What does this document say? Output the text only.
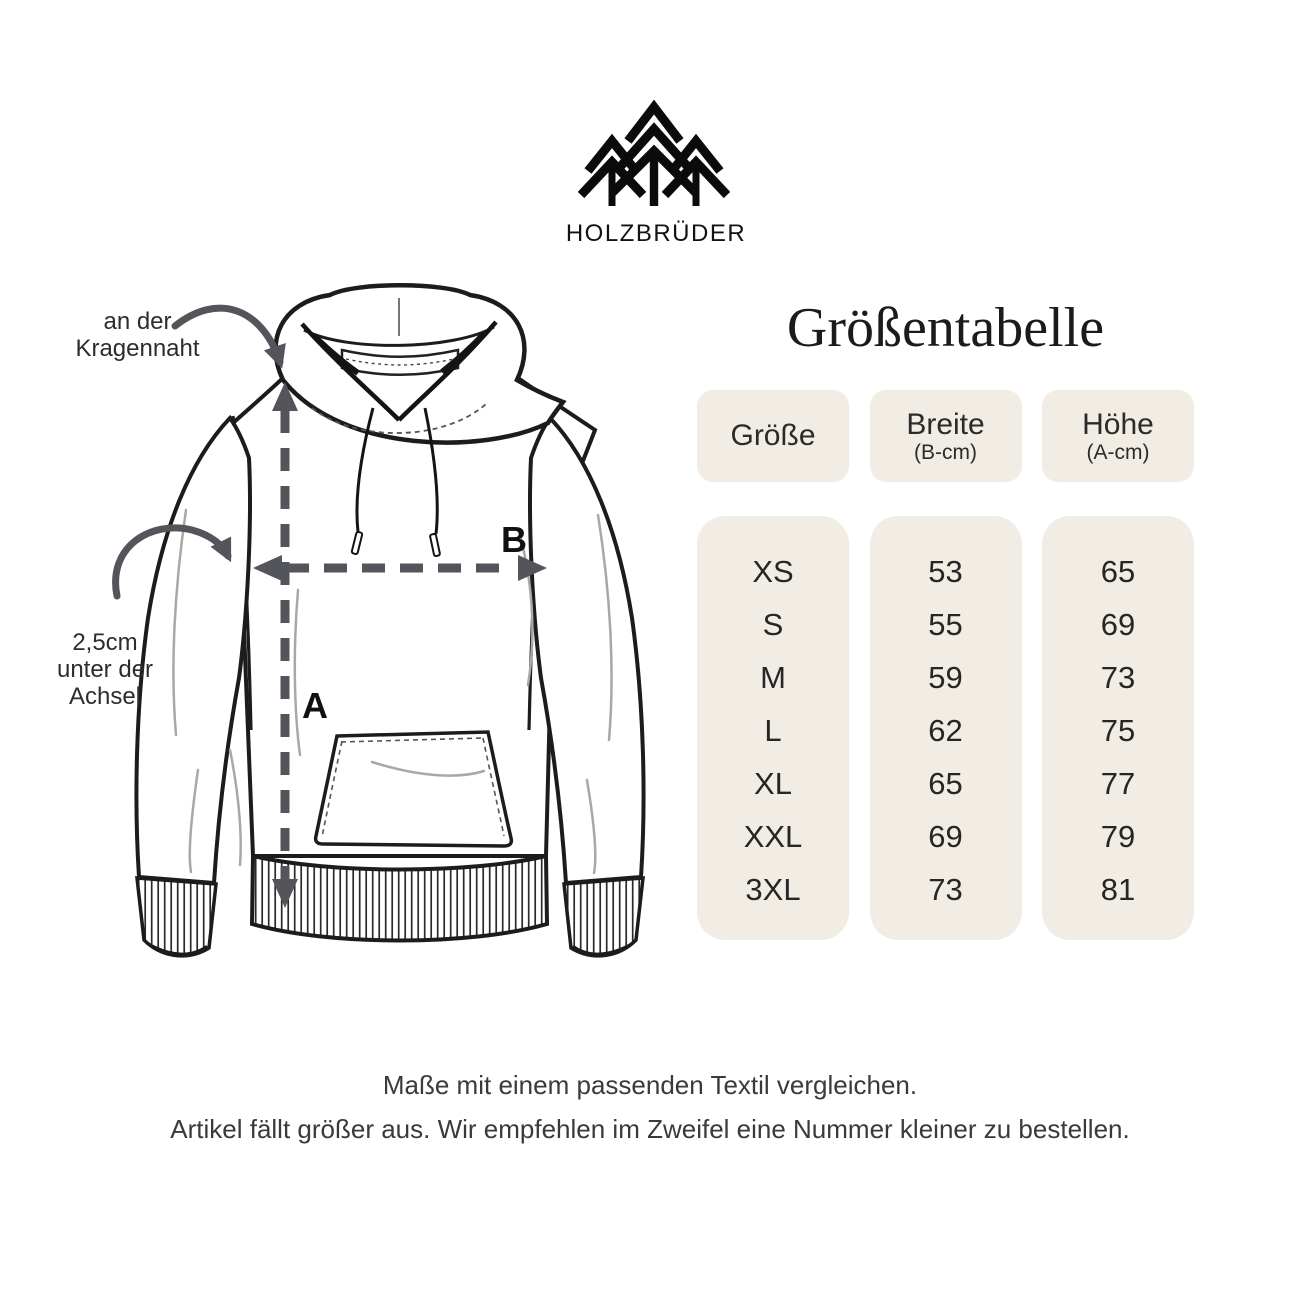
HOLZBRÜDER
A
B
an der
Kragennaht
2,5cm
unter der
Achsel
Größentabelle
Größe	Breite
(B-cm)
Höhe
(A-cm)
XS
S
M
L
XL
XXL
3XL
53
55
59
62
65
69
73
65
69
73
75
77
79
81
Maße mit einem passenden Textil vergleichen.
Artikel fällt größer aus. Wir empfehlen im Zweifel eine Nummer kleiner zu bestellen.
